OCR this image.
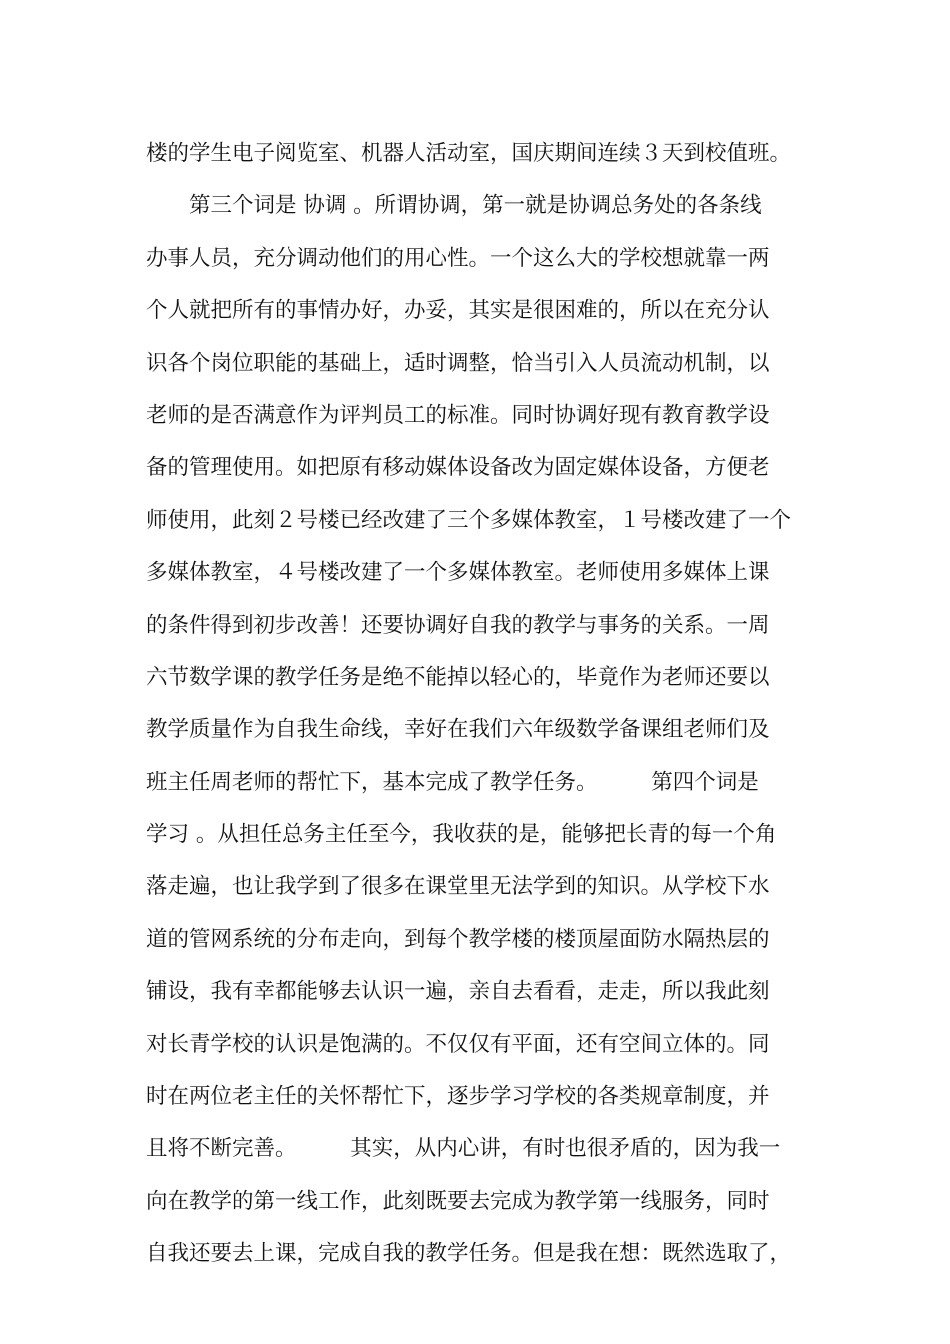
楼的学生电子阅览室、机器人活动室，国庆期间连续３天到校值班。
　　第三个词是 协调 。所谓协调，第一就是协调总务处的各条线
办事人员，充分调动他们的用心性。一个这么大的学校想就靠一两
个人就把所有的事情办好，办妥，其实是很困难的，所以在充分认
识各个岗位职能的基础上，适时调整，恰当引入人员流动机制，以
老师的是否满意作为评判员工的标准。同时协调好现有教育教学设
备的管理使用。如把原有移动媒体设备改为固定媒体设备，方便老
师使用，此刻２号楼已经改建了三个多媒体教室，１号楼改建了一个
多媒体教室，４号楼改建了一个多媒体教室。老师使用多媒体上课
的条件得到初步改善！还要协调好自我的教学与事务的关系。一周
六节数学课的教学任务是绝不能掉以轻心的，毕竟作为老师还要以
教学质量作为自我生命线，幸好在我们六年级数学备课组老师们及
班主任周老师的帮忙下，基本完成了教学任务。　　　第四个词是
学习 。从担任总务主任至今，我收获的是，能够把长青的每一个角
落走遍，也让我学到了很多在课堂里无法学到的知识。从学校下水
道的管网系统的分布走向，到每个教学楼的楼顶屋面防水隔热层的
铺设，我有幸都能够去认识一遍，亲自去看看，走走，所以我此刻
对长青学校的认识是饱满的。不仅仅有平面，还有空间立体的。同
时在两位老主任的关怀帮忙下，逐步学习学校的各类规章制度，并
且将不断完善。　　　其实，从内心讲，有时也很矛盾的，因为我一
向在教学的第一线工作，此刻既要去完成为教学第一线服务，同时
自我还要去上课，完成自我的教学任务。但是我在想：既然选取了，
